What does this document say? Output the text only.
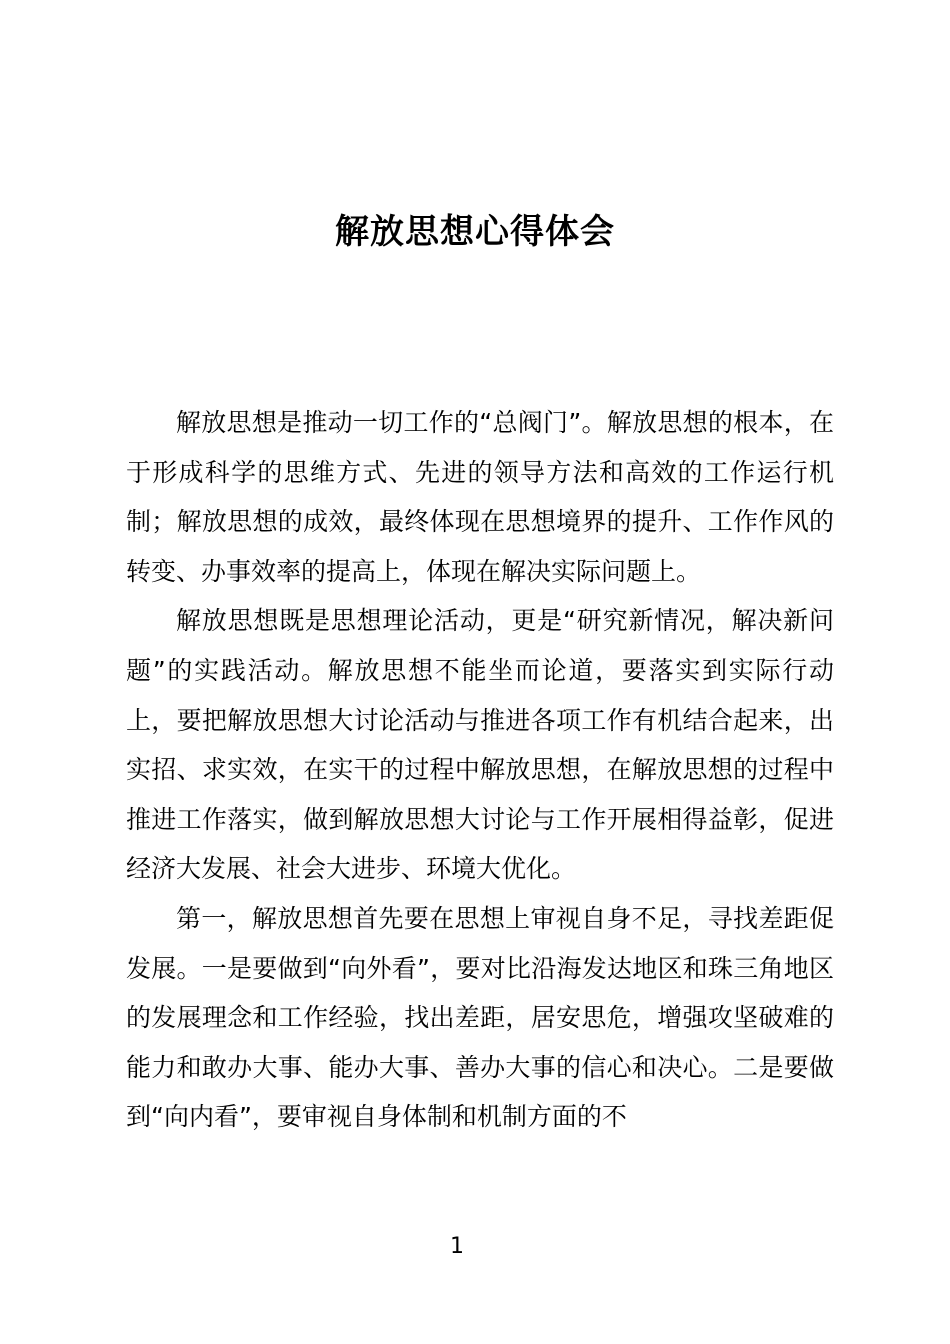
解放思想心得体会

解放思想是推动一切工作的“总阀门”。解放思想的根本，在于形成科学的思维方式、先进的领导方法和高效的工作运行机制；解放思想的成效，最终体现在思想境界的提升、工作作风的转变、办事效率的提高上，体现在解决实际问题上。

解放思想既是思想理论活动，更是“研究新情况，解决新问题”的实践活动。解放思想不能坐而论道，要落实到实际行动上，要把解放思想大讨论活动与推进各项工作有机结合起来，出实招、求实效，在实干的过程中解放思想，在解放思想的过程中推进工作落实，做到解放思想大讨论与工作开展相得益彰，促进经济大发展、社会大进步、环境大优化。

第一，解放思想首先要在思想上审视自身不足，寻找差距促发展。一是要做到“向外看”，要对比沿海发达地区和珠三角地区的发展理念和工作经验，找出差距，居安思危，增强攻坚破难的能力和敢办大事、能办大事、善办大事的信心和决心。二是要做到“向内看”，要审视自身体制和机制方面的不

1
